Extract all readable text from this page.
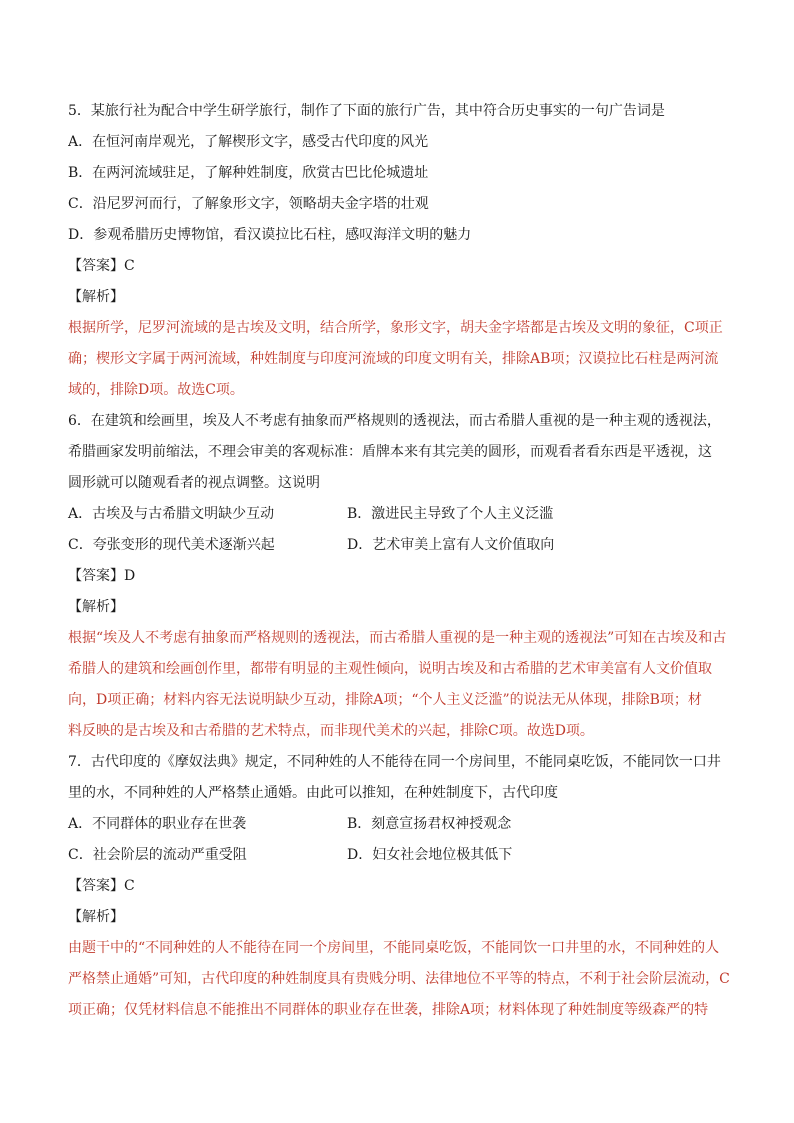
5．某旅行社为配合中学生研学旅行，制作了下面的旅行广告，其中符合历史事实的一句广告词是
A．在恒河南岸观光，了解楔形文字，感受古代印度的风光
B．在两河流域驻足，了解种姓制度，欣赏古巴比伦城遗址
C．沿尼罗河而行，了解象形文字，领略胡夫金字塔的壮观
D．参观希腊历史博物馆，看汉谟拉比石柱，感叹海洋文明的魅力
【答案】C
【解析】
根据所学，尼罗河流域的是古埃及文明，结合所学，象形文字，胡夫金字塔都是古埃及文明的象征，C项正
确；楔形文字属于两河流域，种姓制度与印度河流域的印度文明有关，排除AB项；汉谟拉比石柱是两河流
域的，排除D项。故选C项。
6．在建筑和绘画里，埃及人不考虑有抽象而严格规则的透视法，而古希腊人重视的是一种主观的透视法，
希腊画家发明前缩法，不理会审美的客观标准：盾牌本来有其完美的圆形，而观看者看东西是平透视，这
圆形就可以随观看者的视点调整。这说明
A．古埃及与古希腊文明缺少互动	B．激进民主导致了个人主义泛滥
C．夸张变形的现代美术逐渐兴起	D．艺术审美上富有人文价值取向
【答案】D
【解析】
根据“埃及人不考虑有抽象而严格规则的透视法，而古希腊人重视的是一种主观的透视法”可知在古埃及和古
希腊人的建筑和绘画创作里，都带有明显的主观性倾向，说明古埃及和古希腊的艺术审美富有人文价值取
向，D项正确；材料内容无法说明缺少互动，排除A项；“个人主义泛滥”的说法无从体现，排除B项；材
料反映的是古埃及和古希腊的艺术特点，而非现代美术的兴起，排除C项。故选D项。
7．古代印度的《摩奴法典》规定，不同种姓的人不能待在同一个房间里，不能同桌吃饭，不能同饮一口井
里的水，不同种姓的人严格禁止通婚。由此可以推知，在种姓制度下，古代印度
A．不同群体的职业存在世袭	B．刻意宣扬君权神授观念
C．社会阶层的流动严重受阻	D．妇女社会地位极其低下
【答案】C
【解析】
由题干中的“不同种姓的人不能待在同一个房间里，不能同桌吃饭，不能同饮一口井里的水，不同种姓的人
严格禁止通婚”可知，古代印度的种姓制度具有贵贱分明、法律地位不平等的特点，不利于社会阶层流动，C
项正确；仅凭材料信息不能推出不同群体的职业存在世袭，排除A项；材料体现了种姓制度等级森严的特
